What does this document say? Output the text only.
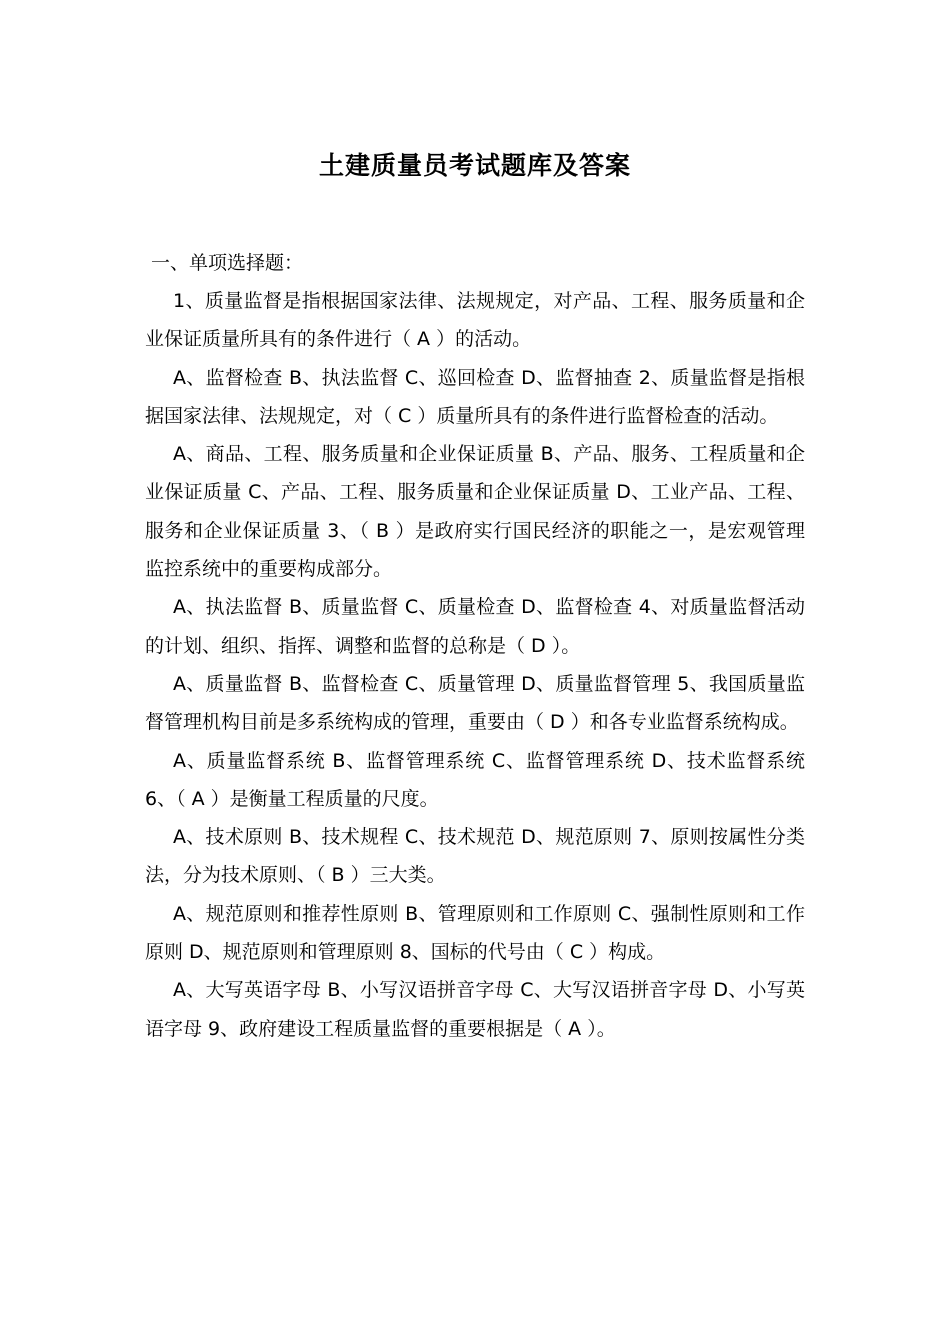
土建质量员考试题库及答案

一、单项选择题：

1、质量监督是指根据国家法律、法规规定，对产品、工程、服务质量和企业保证质量所具有的条件进行（ A ）的活动。

A、监督检查 B、执法监督 C、巡回检查 D、监督抽查 2、质量监督是指根据国家法律、法规规定，对（ C ）质量所具有的条件进行监督检查的活动。

A、商品、工程、服务质量和企业保证质量 B、产品、服务、工程质量和企业保证质量 C、产品、工程、服务质量和企业保证质量 D、工业产品、工程、服务和企业保证质量 3、（ B ）是政府实行国民经济的职能之一，是宏观管理监控系统中的重要构成部分。

A、执法监督 B、质量监督 C、质量检查 D、监督检查 4、对质量监督活动的计划、组织、指挥、调整和监督的总称是（ D ）。

A、质量监督 B、监督检查 C、质量管理 D、质量监督管理 5、我国质量监督管理机构目前是多系统构成的管理，重要由（ D ）和各专业监督系统构成。

A、质量监督系统 B、监督管理系统 C、监督管理系统 D、技术监督系统 6、（ A ）是衡量工程质量的尺度。

A、技术原则 B、技术规程 C、技术规范 D、规范原则 7、原则按属性分类法，分为技术原则、（ B ）三大类。

A、规范原则和推荐性原则 B、管理原则和工作原则 C、强制性原则和工作原则 D、规范原则和管理原则 8、国标的代号由（ C ）构成。

A、大写英语字母 B、小写汉语拼音字母 C、大写汉语拼音字母 D、小写英语字母 9、政府建设工程质量监督的重要根据是（ A ）。
